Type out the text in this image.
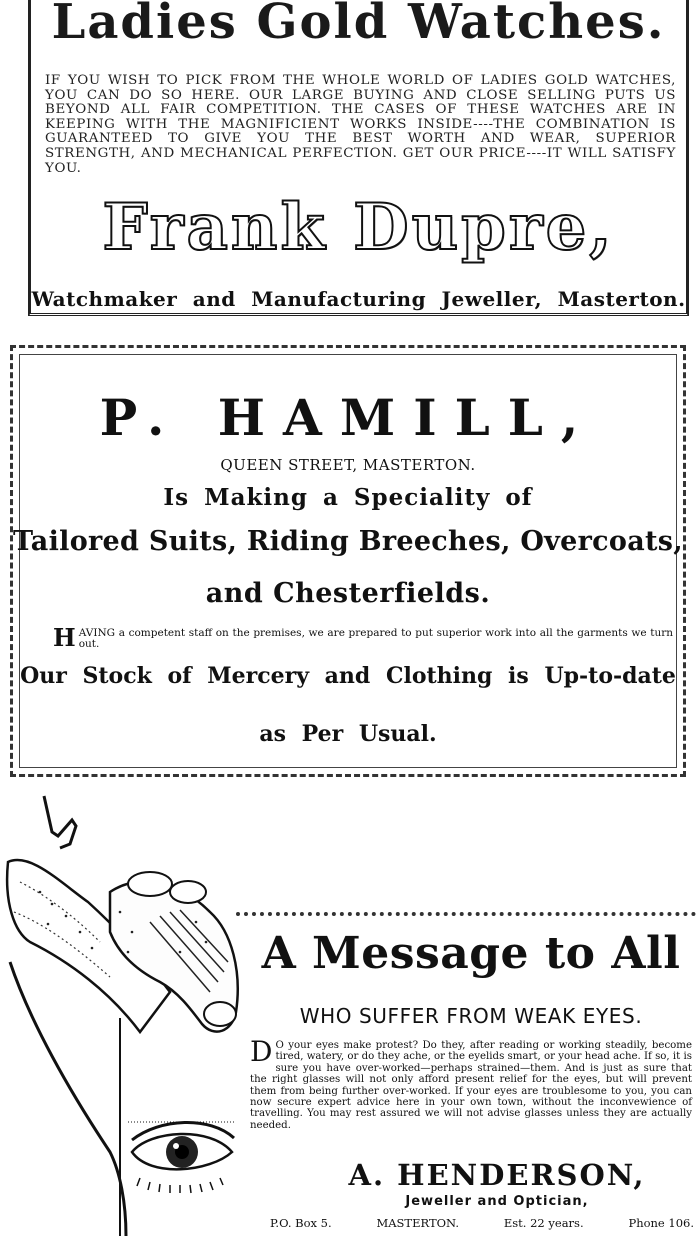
Ladies Gold Watches.
IF YOU WISH TO PICK FROM THE WHOLE WORLD OF LADIES GOLD WATCHES, YOU CAN DO SO HERE. OUR LARGE BUYING AND CLOSE SELLING PUTS US BEYOND ALL FAIR COMPETITION. THE CASES OF THESE WATCHES ARE IN KEEPING WITH THE MAGNIFICIENT WORKS INSIDE----THE COMBINATION IS GUARANTEED TO GIVE YOU THE BEST WORTH AND WEAR, SUPERIOR STRENGTH, AND MECHANICAL PERFECTION. GET OUR PRICE----IT WILL SATISFY YOU.
Frank Dupre,
Watchmaker and Manufacturing Jeweller, Masterton.
P. HAMILL,
QUEEN STREET, MASTERTON.
Is Making a Speciality of
Tailored Suits, Riding Breeches, Overcoats,
and Chesterfields.
H AVING a competent staff on the premises, we are prepared to put superior work into all the garments we turn out.
Our Stock of Mercery and Clothing is Up-to-date
as Per Usual.
A Message to All
WHO SUFFER FROM WEAK EYES.
D O your eyes make protest? Do they, after reading or working steadily, become tired, watery, or do they ache, or the eyelids smart, or your head ache. If so, it is sure you have over-worked—perhaps strained—them. And is just as sure that the right glasses will not only afford present relief for the eyes, but will prevent them from being further over-worked. If your eyes are troublesome to you, you can now secure expert advice here in your own town, without the inconvewience of travelling. You may rest assured we will not advise glasses unless they are actually needed.
A. HENDERSON,
Jeweller and Optician,
P.O. Box 5.	MASTERTON.	Est. 22 years.	Phone 106.
